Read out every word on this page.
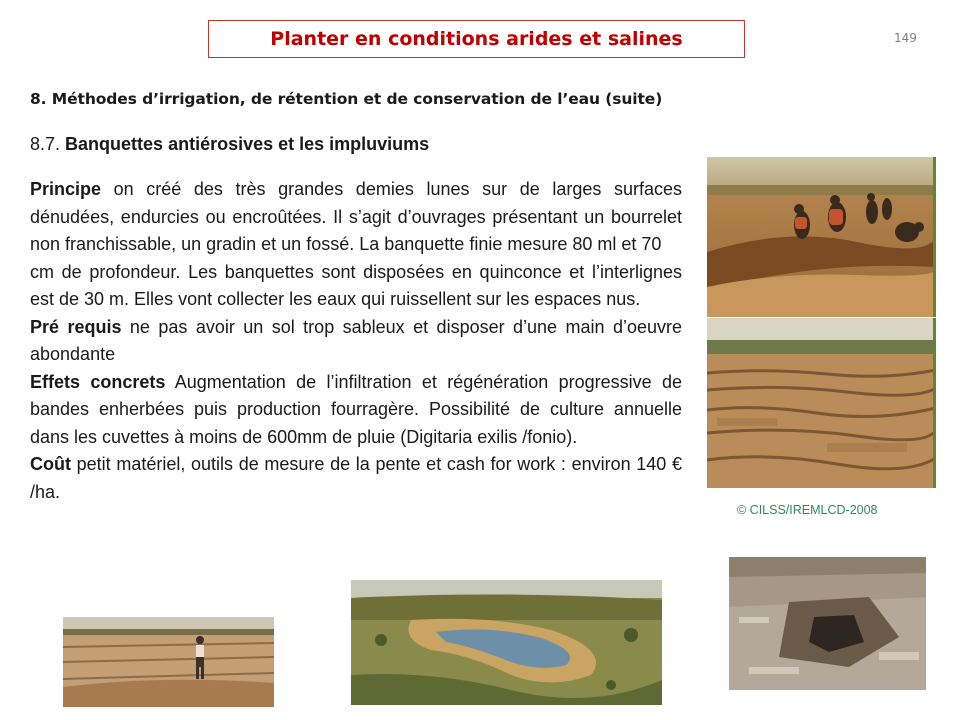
Planter en conditions arides et salines	149
8. Méthodes d’irrigation, de rétention et de conservation de l’eau (suite)
8.7. Banquettes antiérosives et les impluviums

Principe on créé des très grandes demies lunes sur de larges surfaces dénudées, endurcies ou encroûtées. Il s’agit d’ouvrages présentant un bourrelet non franchissable, un gradin et un fossé. La banquette finie mesure 80 ml et 70

cm de profondeur. Les banquettes sont disposées en quinconce et l’interlignes est de 30 m. Elles vont collecter les eaux qui ruissellent sur les espaces nus.

Pré requis ne pas avoir un sol trop sableux et disposer d’une main d’oeuvre abondante

Effets concrets Augmentation de l’infiltration et régénération progressive de bandes enherbées puis production fourragère. Possibilité de culture annuelle dans les cuvettes à moins de 600mm de pluie (Digitaria exilis /fonio).

Coût petit matériel, outils de mesure de la pente et cash for work : environ 140 € /ha.

© CILSS/IREMLCD-2008
